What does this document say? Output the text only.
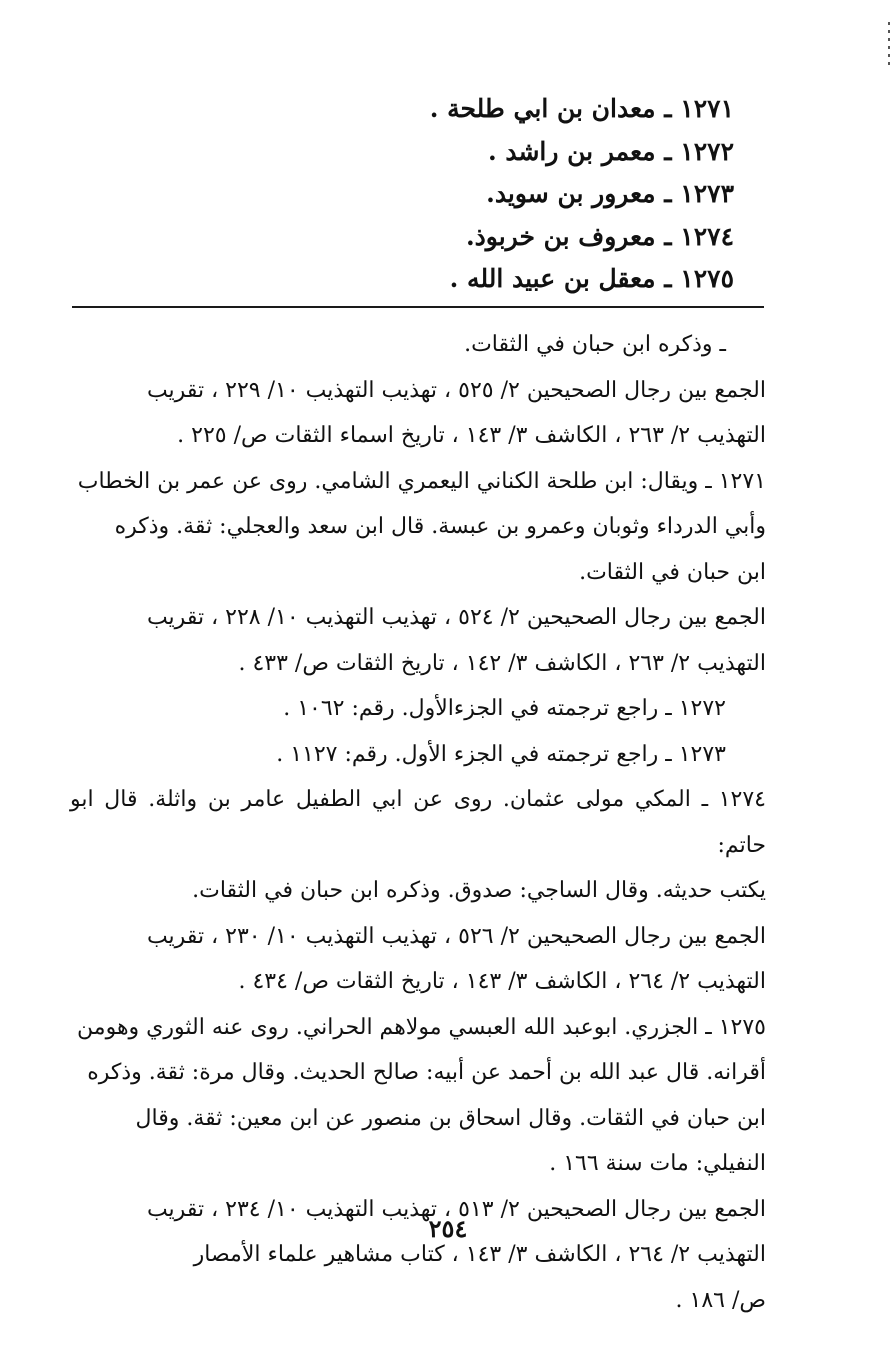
١٢٧١ ـ معدان بن ابي طلحة .
١٢٧٢ ـ معمر بن راشد .
١٢٧٣ ـ معرور بن سويد.
١٢٧٤ ـ معروف بن خربوذ.
١٢٧٥ ـ معقل بن عبيد الله .

ـ وذكره ابن حبان في الثقات.

الجمع بين رجال الصحيحين ٢/ ٥٢٥ ، تهذيب التهذيب ١٠/ ٢٢٩ ، تقريب
التهذيب ٢/ ٢٦٣ ، الكاشف ٣/ ١٤٣ ، تاريخ اسماء الثقات ص/ ٢٢٥ .

١٢٧١ ـ ويقال: ابن طلحة الكناني اليعمري الشامي. روى عن عمر بن الخطاب
وأبي الدرداء وثوبان وعمرو بن عبسة. قال ابن سعد والعجلي: ثقة. وذكره
ابن حبان في الثقات.

الجمع بين رجال الصحيحين ٢/ ٥٢٤ ، تهذيب التهذيب ١٠/ ٢٢٨ ، تقريب
التهذيب ٢/ ٢٦٣ ، الكاشف ٣/ ١٤٢ ، تاريخ الثقات ص/ ٤٣٣ .

١٢٧٢ ـ راجع ترجمته في الجزءالأول. رقم: ١٠٦٢ .

١٢٧٣ ـ راجع ترجمته في الجزء الأول. رقم: ١١٢٧ .

١٢٧٤ ـ المكي مولى عثمان. روى عن ابي الطفيل عامر بن واثلة. قال ابو حاتم:
يكتب حديثه. وقال الساجي: صدوق. وذكره ابن حبان في الثقات.

الجمع بين رجال الصحيحين ٢/ ٥٢٦ ، تهذيب التهذيب ١٠/ ٢٣٠ ، تقريب
التهذيب ٢/ ٢٦٤ ، الكاشف ٣/ ١٤٣ ، تاريخ الثقات ص/ ٤٣٤ .

١٢٧٥ ـ الجزري. ابوعبد الله العبسي مولاهم الحراني. روى عنه الثوري وهومن
أقرانه. قال عبد الله بن أحمد عن أبيه: صالح الحديث. وقال مرة: ثقة. وذكره
ابن حبان في الثقات. وقال اسحاق بن منصور عن ابن معين: ثقة. وقال
النفيلي: مات سنة ١٦٦ .

الجمع بين رجال الصحيحين ٢/ ٥١٣ ، تهذيب التهذيب ١٠/ ٢٣٤ ، تقريب
التهذيب ٢/ ٢٦٤ ، الكاشف ٣/ ١٤٣ ، كتاب مشاهير علماء الأمصار
ص/ ١٨٦ .

٢٥٤
